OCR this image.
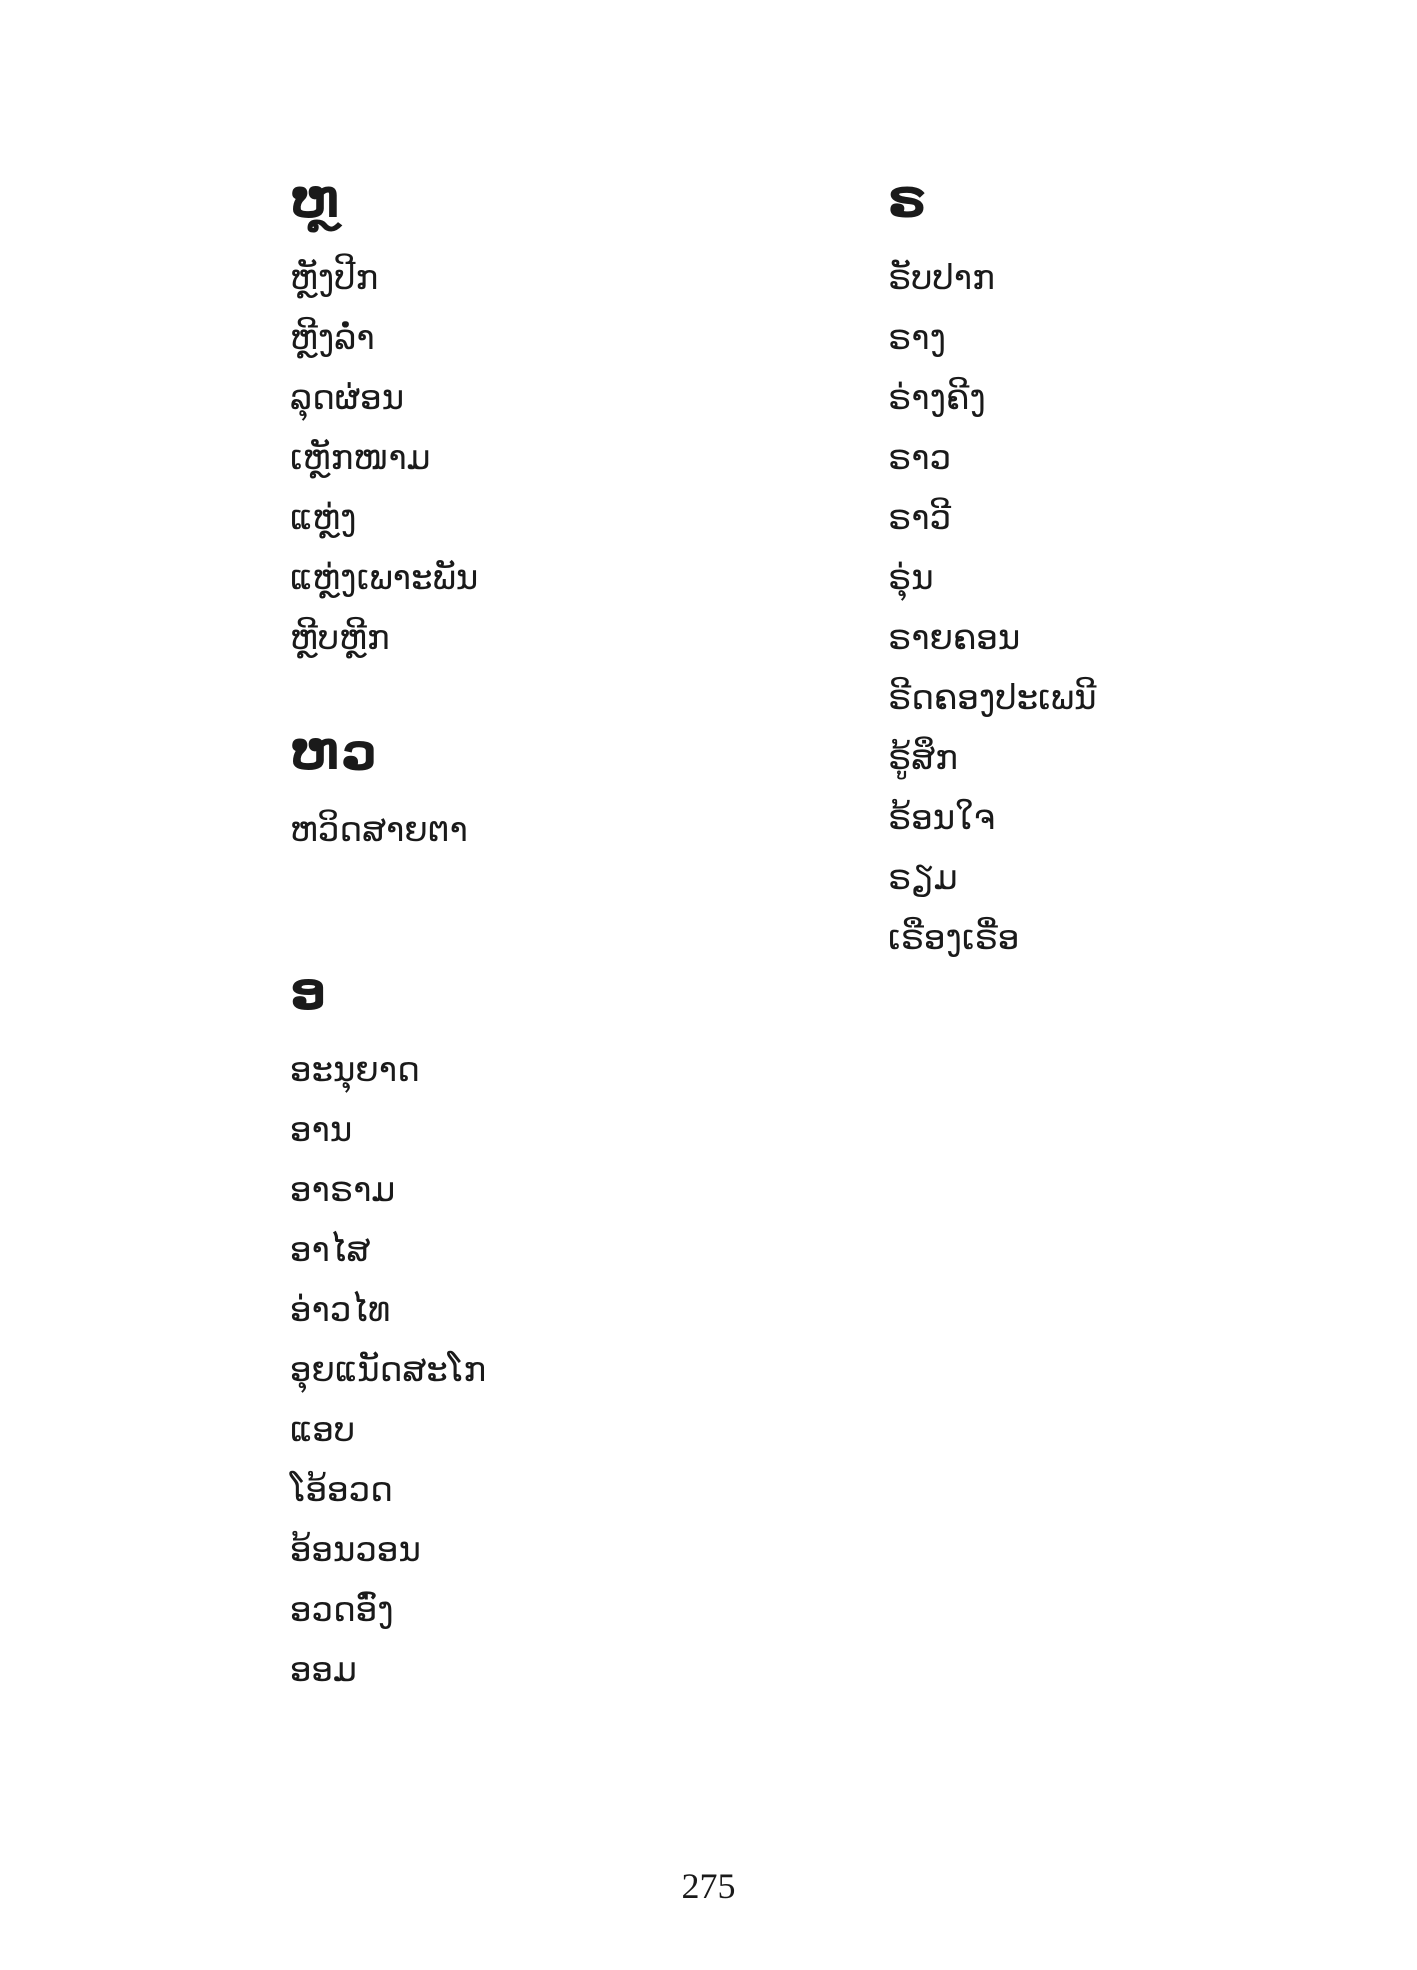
ຫຼ
ຫຼັງປີກ
ຫຼີງລໍ່າ
ລຸດຜ່ອນ
ເຫຼັກໜາມ
ແຫຼ່ງ
ແຫຼ່ງເພາະພັນ
ຫຼີບຫຼີກ
ຫວ
ຫວິດສາຍຕາ
ອ
ອະນຸຍາດ
ອານ
ອາຣາມ
ອາໄສ
ອ່າວໄທ
ອຸຍແນັດສະໂກ
ແອບ
ໂອ້ອວດ
ອ້ອນວອນ
ອວດອົ່ງ
ອອມ
ຣ
ຣັບປາກ
ຣາງ
ຣ່າງຄີງ
ຣາວ
ຣາວີ
ຣຸ່ນ
ຣາຍຄອນ
ຣີດຄອງປະເພນີ
ຣູ້ສຶກ
ຣ້ອນໃຈ
ຣຽມ
ເຣືອງເຣື່ອ
275
